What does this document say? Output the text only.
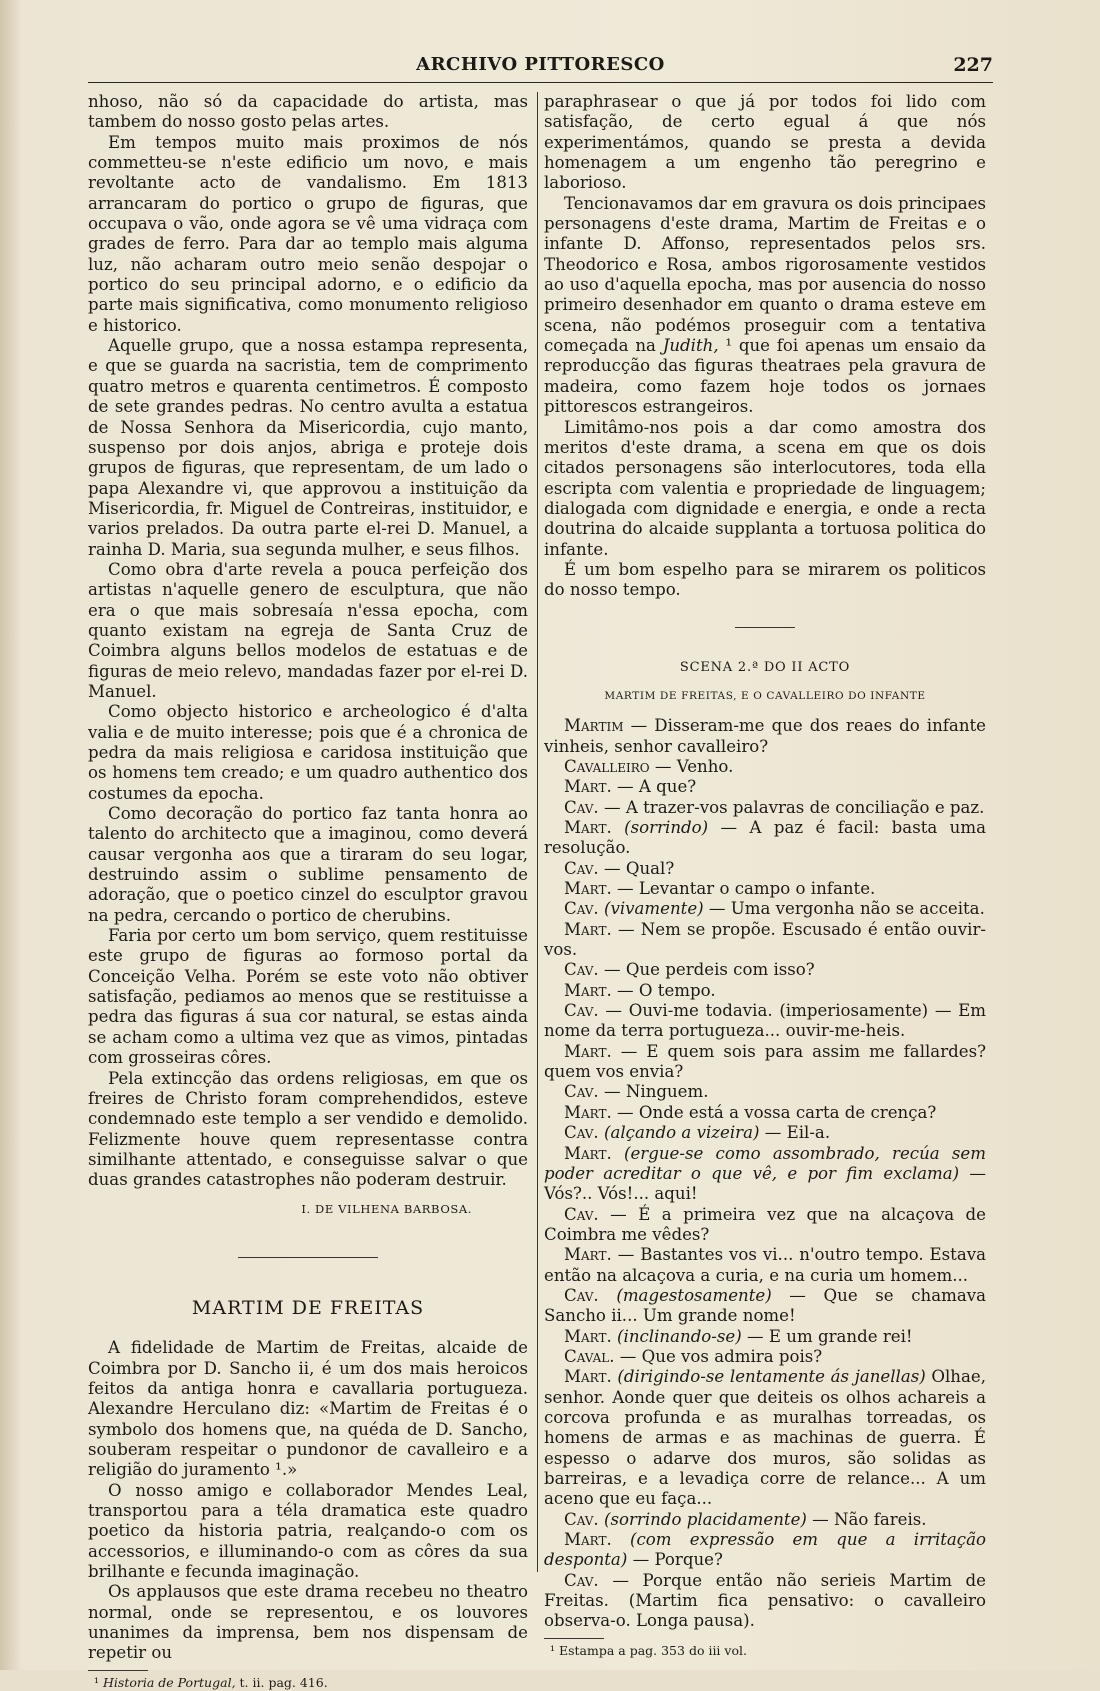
ARCHIVO PITTORESCO	227

nhoso, não só da capacidade do artista, mas tambem do nosso gosto pelas artes.

Em tempos muito mais proximos de nós commetteu-se n'este edificio um novo, e mais revoltante acto de vandalismo. Em 1813 arrancaram do portico o grupo de figuras, que occupava o vão, onde agora se vê uma vidraça com grades de ferro. Para dar ao templo mais alguma luz, não acharam outro meio senão despojar o portico do seu principal adorno, e o edificio da parte mais significativa, como monumento religioso e historico.

Aquelle grupo, que a nossa estampa representa, e que se guarda na sacristia, tem de comprimento quatro metros e quarenta centimetros. É composto de sete grandes pedras. No centro avulta a estatua de Nossa Senhora da Misericordia, cujo manto, suspenso por dois anjos, abriga e proteje dois grupos de figuras, que representam, de um lado o papa Alexandre vi, que approvou a instituição da Misericordia, fr. Miguel de Contreiras, instituidor, e varios prelados. Da outra parte el-rei D. Manuel, a rainha D. Maria, sua segunda mulher, e seus filhos.

Como obra d'arte revela a pouca perfeição dos artistas n'aquelle genero de esculptura, que não era o que mais sobresaía n'essa epocha, com quanto existam na egreja de Santa Cruz de Coimbra alguns bellos modelos de estatuas e de figuras de meio relevo, mandadas fazer por el-rei D. Manuel.

Como objecto historico e archeologico é d'alta valia e de muito interesse; pois que é a chronica de pedra da mais religiosa e caridosa instituição que os homens tem creado; e um quadro authentico dos costumes da epocha.

Como decoração do portico faz tanta honra ao talento do architecto que a imaginou, como deverá causar vergonha aos que a tiraram do seu logar, destruindo assim o sublime pensamento de adoração, que o poetico cinzel do esculptor gravou na pedra, cercando o portico de cherubins.

Faria por certo um bom serviço, quem restituisse este grupo de figuras ao formoso portal da Conceição Velha. Porém se este voto não obtiver satisfação, pediamos ao menos que se restituisse a pedra das figuras á sua cor natural, se estas ainda se acham como a ultima vez que as vimos, pintadas com grosseiras côres.

Pela extincção das ordens religiosas, em que os freires de Christo foram comprehendidos, esteve condemnado este templo a ser vendido e demolido. Felizmente houve quem representasse contra similhante attentado, e conseguisse salvar o que duas grandes catastrophes não poderam destruir.

I. DE VILHENA BARBOSA.

MARTIM DE FREITAS

A fidelidade de Martim de Freitas, alcaide de Coimbra por D. Sancho ii, é um dos mais heroicos feitos da antiga honra e cavallaria portugueza. Alexandre Herculano diz: «Martim de Freitas é o symbolo dos homens que, na quéda de D. Sancho, souberam respeitar o pundonor de cavalleiro e a religião do juramento ¹.»

O nosso amigo e collaborador Mendes Leal, transportou para a téla dramatica este quadro poetico da historia patria, realçando-o com os accessorios, e illuminando-o com as côres da sua brilhante e fecunda imaginação.

Os applausos que este drama recebeu no theatro normal, onde se representou, e os louvores unanimes da imprensa, bem nos dispensam de repetir ou

¹ Historia de Portugal, t. ii. pag. 416.

paraphrasear o que já por todos foi lido com satisfação, de certo egual á que nós experimentámos, quando se presta a devida homenagem a um engenho tão peregrino e laborioso.

Tencionavamos dar em gravura os dois principaes personagens d'este drama, Martim de Freitas e o infante D. Affonso, representados pelos srs. Theodorico e Rosa, ambos rigorosamente vestidos ao uso d'aquella epocha, mas por ausencia do nosso primeiro desenhador em quanto o drama esteve em scena, não podémos proseguir com a tentativa começada na Judith, ¹ que foi apenas um ensaio da reproducção das figuras theatraes pela gravura de madeira, como fazem hoje todos os jornaes pittorescos estrangeiros.

Limitâmo-nos pois a dar como amostra dos meritos d'este drama, a scena em que os dois citados personagens são interlocutores, toda ella escripta com valentia e propriedade de linguagem; dialogada com dignidade e energia, e onde a recta doutrina do alcaide supplanta a tortuosa politica do infante.

É um bom espelho para se mirarem os politicos do nosso tempo.

SCENA 2.ª DO II ACTO

MARTIM DE FREITAS, E O CAVALLEIRO DO INFANTE

Martim — Disseram-me que dos reaes do infante vinheis, senhor cavalleiro?

Cavalleiro — Venho.

Mart. — A que?

Cav. — A trazer-vos palavras de conciliação e paz.

Mart. (sorrindo) — A paz é facil: basta uma resolução.

Cav. — Qual?

Mart. — Levantar o campo o infante.

Cav. (vivamente) — Uma vergonha não se acceita.

Mart. — Nem se propõe. Escusado é então ouvir-vos.

Cav. — Que perdeis com isso?

Mart. — O tempo.

Cav. — Ouvi-me todavia. (imperiosamente) — Em nome da terra portugueza... ouvir-me-heis.

Mart. — E quem sois para assim me fallardes? quem vos envia?

Cav. — Ninguem.

Mart. — Onde está a vossa carta de crença?

Cav. (alçando a vizeira) — Eil-a.

Mart. (ergue-se como assombrado, recúa sem poder acreditar o que vê, e por fim exclama) — Vós?.. Vós!... aqui!

Cav. — É a primeira vez que na alcaçova de Coimbra me vêdes?

Mart. — Bastantes vos vi... n'outro tempo. Estava então na alcaçova a curia, e na curia um homem...

Cav. (magestosamente) — Que se chamava Sancho ii... Um grande nome!

Mart. (inclinando-se) — E um grande rei!

Caval. — Que vos admira pois?

Mart. (dirigindo-se lentamente ás janellas) Olhae, senhor. Aonde quer que deiteis os olhos achareis a corcova profunda e as muralhas torreadas, os homens de armas e as machinas de guerra. É espesso o adarve dos muros, são solidas as barreiras, e a levadiça corre de relance... A um aceno que eu faça...

Cav. (sorrindo placidamente) — Não fareis.

Mart. (com expressão em que a irritação desponta) — Porque?

Cav. — Porque então não serieis Martim de Freitas. (Martim fica pensativo: o cavalleiro observa-o. Longa pausa).

¹ Estampa a pag. 353 do iii vol.
